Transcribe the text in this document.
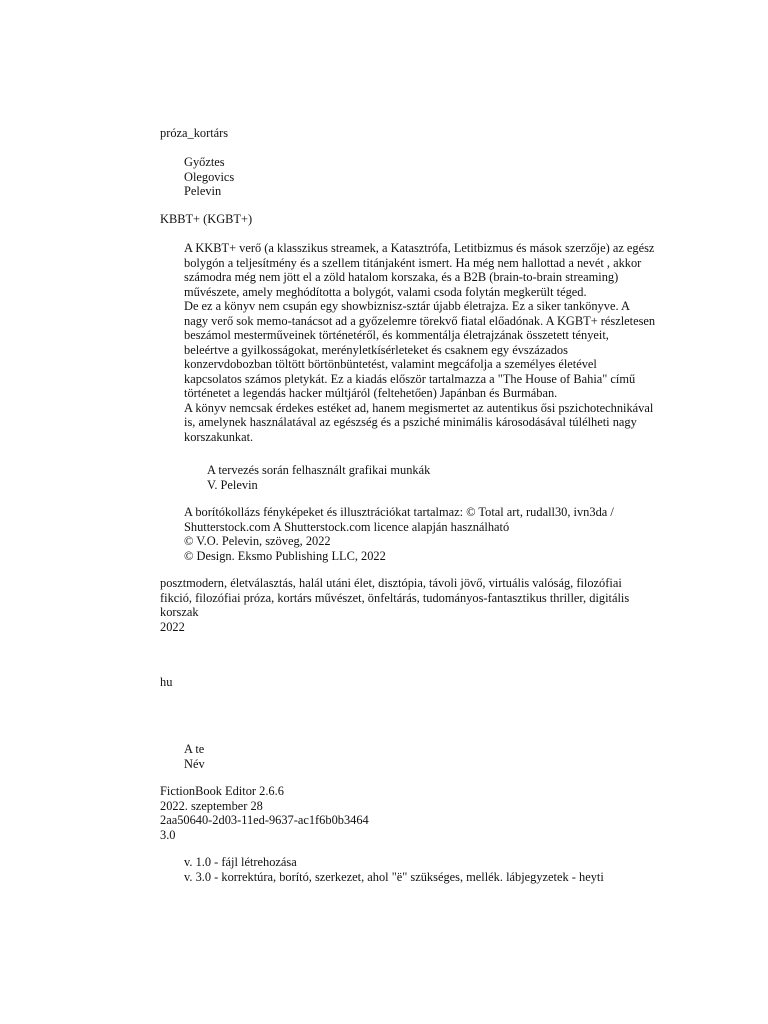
próza_kortárs
Győztes
Olegovics
Pelevin
KBBT+ (KGBT+)
A KKBT+ verő (a klasszikus streamek, a Katasztrófa, Letitbizmus és mások szerzője) az egész
bolygón a teljesítmény és a szellem titánjaként ismert. Ha még nem hallottad a nevét , akkor
számodra még nem jött el a zöld hatalom korszaka, és a B2B (brain-to-brain streaming)
művészete, amely meghódította a bolygót, valami csoda folytán megkerült téged.
De ez a könyv nem csupán egy showbiznisz-sztár újabb életrajza. Ez a siker tankönyve. A
nagy verő sok memo-tanácsot ad a győzelemre törekvő fiatal előadónak. A KGBT+ részletesen
beszámol mesterműveinek történetéről, és kommentálja életrajzának összetett tényeit,
beleértve a gyilkosságokat, merényletkísérleteket és csaknem egy évszázados
konzervdobozban töltött börtönbüntetést, valamint megcáfolja a személyes életével
kapcsolatos számos pletykát. Ez a kiadás először tartalmazza a "The House of Bahia" című
történetet a legendás hacker múltjáról (feltehetően) Japánban és Burmában.
A könyv nemcsak érdekes estéket ad, hanem megismertet az autentikus ősi pszichotechnikával
is, amelynek használatával az egészség és a psziché minimális károsodásával túlélheti nagy
korszakunkat.
A tervezés során felhasznált grafikai munkák
V. Pelevin
A borítókollázs fényképeket és illusztrációkat tartalmaz: © Total art, rudall30, ivn3da /
Shutterstock.com A Shutterstock.com licence alapján használható
© V.O. Pelevin, szöveg, 2022
© Design. Eksmo Publishing LLC, 2022
posztmodern, életválasztás, halál utáni élet, disztópia, távoli jövő, virtuális valóság, filozófiai
fikció, filozófiai próza, kortárs művészet, önfeltárás, tudományos-fantasztikus thriller, digitális
korszak
2022
hu
A te
Név
FictionBook Editor 2.6.6
2022. szeptember 28
2aa50640-2d03-11ed-9637-ac1f6b0b3464
3.0
v. 1.0 - fájl létrehozása
v. 3.0 - korrektúra, borító, szerkezet, ahol "ë" szükséges, mellék. lábjegyzetek - heyti
